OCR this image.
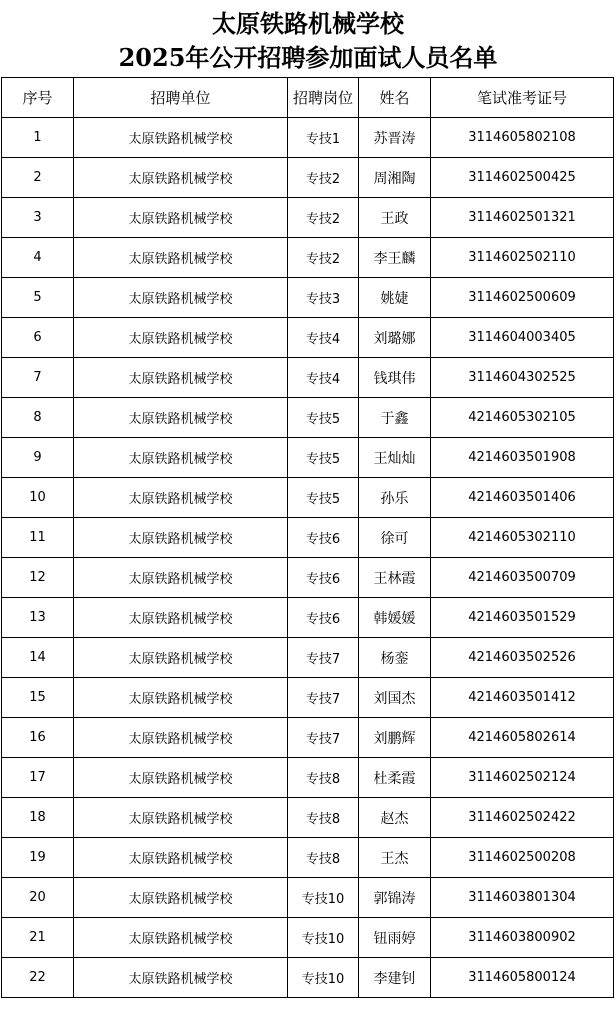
太原铁路机械学校
2025年公开招聘参加面试人员名单
序号	招聘单位	招聘岗位	姓名	笔试准考证号
1	太原铁路机械学校	专技1	苏晋涛	3114605802108
2	太原铁路机械学校	专技2	周湘陶	3114602500425
3	太原铁路机械学校	专技2	王政	3114602501321
4	太原铁路机械学校	专技2	李王麟	3114602502110
5	太原铁路机械学校	专技3	姚婕	3114602500609
6	太原铁路机械学校	专技4	刘璐娜	3114604003405
7	太原铁路机械学校	专技4	钱琪伟	3114604302525
8	太原铁路机械学校	专技5	于鑫	4214605302105
9	太原铁路机械学校	专技5	王灿灿	4214603501908
10	太原铁路机械学校	专技5	孙乐	4214603501406
11	太原铁路机械学校	专技6	徐可	4214605302110
12	太原铁路机械学校	专技6	王林霞	4214603500709
13	太原铁路机械学校	专技6	韩媛媛	4214603501529
14	太原铁路机械学校	专技7	杨銮	4214603502526
15	太原铁路机械学校	专技7	刘国杰	4214603501412
16	太原铁路机械学校	专技7	刘鹏辉	4214605802614
17	太原铁路机械学校	专技8	杜柔霞	3114602502124
18	太原铁路机械学校	专技8	赵杰	3114602502422
19	太原铁路机械学校	专技8	王杰	3114602500208
20	太原铁路机械学校	专技10	郭锦涛	3114603801304
21	太原铁路机械学校	专技10	钮雨婷	3114603800902
22	太原铁路机械学校	专技10	李建钊	3114605800124
